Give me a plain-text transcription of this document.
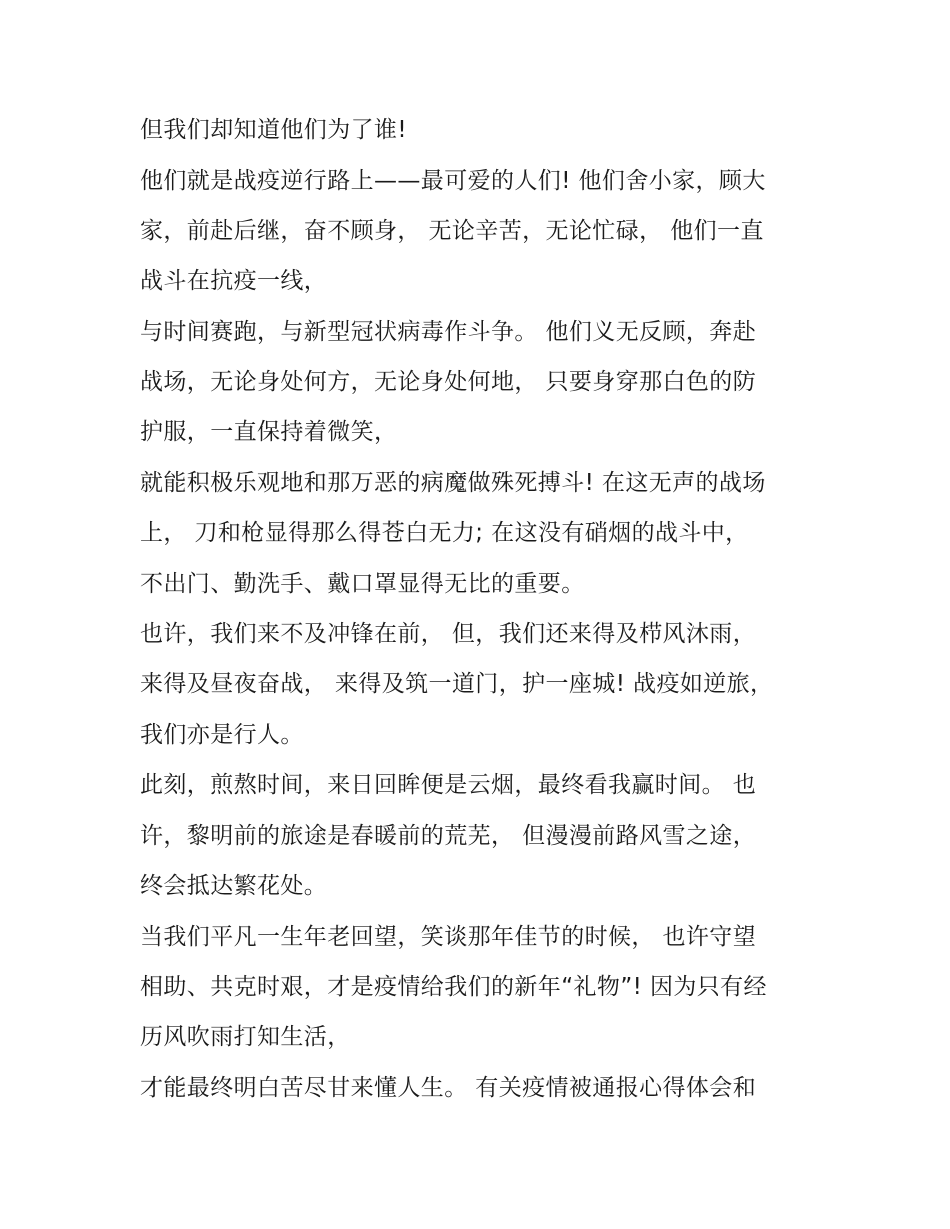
但我们却知道他们为了谁!
他们就是战疫逆行路上——最可爱的人们! 他们舍小家，顾大
家，前赴后继，奋不顾身， 无论辛苦，无论忙碌， 他们一直
战斗在抗疫一线，
与时间赛跑，与新型冠状病毒作斗争。 他们义无反顾，奔赴
战场，无论身处何方，无论身处何地， 只要身穿那白色的防
护服，一直保持着微笑，
就能积极乐观地和那万恶的病魔做殊死搏斗! 在这无声的战场
上， 刀和枪显得那么得苍白无力; 在这没有硝烟的战斗中，
不出门、勤洗手、戴口罩显得无比的重要。
也许，我们来不及冲锋在前， 但，我们还来得及栉风沐雨，
来得及昼夜奋战， 来得及筑一道门，护一座城! 战疫如逆旅，
我们亦是行人。
此刻，煎熬时间，来日回眸便是云烟，最终看我赢时间。 也
许，黎明前的旅途是春暖前的荒芜， 但漫漫前路风雪之途，
终会抵达繁花处。
当我们平凡一生年老回望，笑谈那年佳节的时候， 也许守望
相助、共克时艰，才是疫情给我们的新年“礼物”! 因为只有经
历风吹雨打知生活，
才能最终明白苦尽甘来懂人生。 有关疫情被通报心得体会和
